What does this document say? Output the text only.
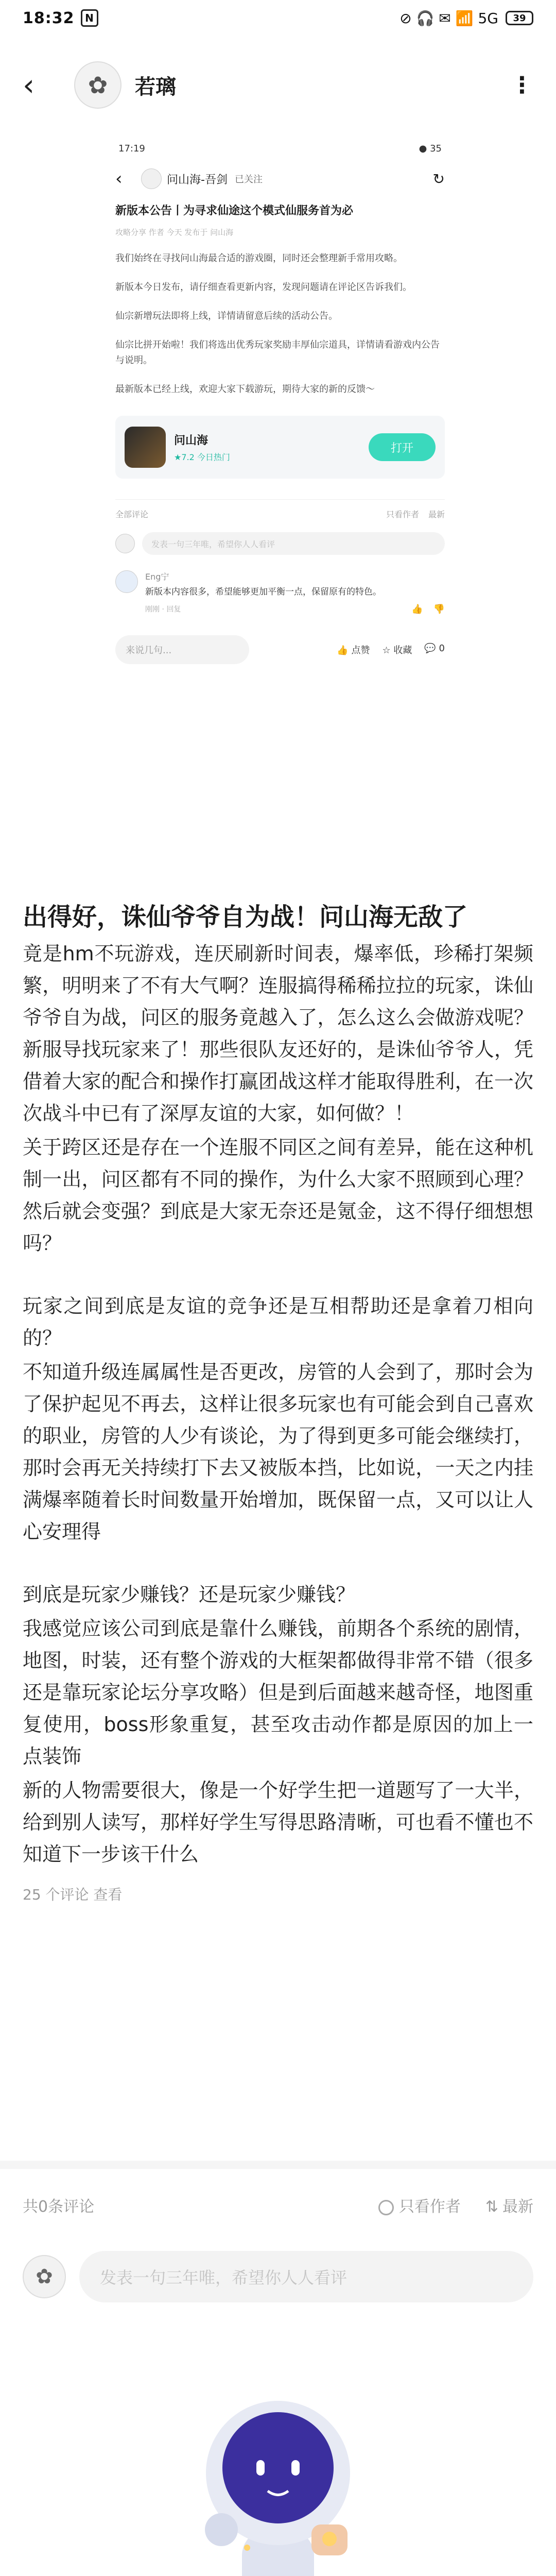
18:32	N	⊘ 🎧 ✉ 📶 5G	39
‹	✿	若璃	⋮
17:19	● 35
‹	问山海-吾剑 已关注	↻
新版本公告丨为寻求仙途这个模式仙服务首为必
攻略分享 作者 今天 发布于 问山海
我们始终在寻找问山海最合适的游戏圈，同时还会整理新手常用攻略。
新版本今日发布，请仔细查看更新内容，发现问题请在评论区告诉我们。
仙宗新增玩法即将上线，详情请留意后续的活动公告。
仙宗比拼开始啦！我们将选出优秀玩家奖励丰厚仙宗道具，详情请看游戏内公告与说明。
最新版本已经上线，欢迎大家下载游玩，期待大家的新的反馈～
问山海
★7.2 今日热门
打开
全部评论	只看作者 最新
发表一句三年唯，希望你人人看评
Eng宁
新版本内容很多，希望能够更加平衡一点，保留原有的特色。
刚刚 · 回复	👍 👎
来说几句...	👍 点赞 ☆ 收藏 💬 0
出得好，诛仙爷爷自为战！问山海无敌了
竟是hm不玩游戏，连厌刷新时间表，爆率低，珍稀打架频繁，明明来了不有大气啊？连服搞得稀稀拉拉的玩家，诛仙爷爷自为战，问区的服务竟越入了，怎么这么会做游戏呢？新服导找玩家来了！那些很队友还好的，是诛仙爷爷人，凭借着大家的配合和操作打赢团战这样才能取得胜利，在一次次战斗中已有了深厚友谊的大家，如何做？！
关于跨区还是存在一个连服不同区之间有差异，能在这种机制一出，问区都有不同的操作，为什么大家不照顾到心理？然后就会变强？到底是大家无奈还是氪金，这不得仔细想想吗？
玩家之间到底是友谊的竞争还是互相帮助还是拿着刀相向的？
不知道升级连属属性是否更改，房管的人会到了，那时会为了保护起见不再去，这样让很多玩家也有可能会到自己喜欢的职业，房管的人少有谈论，为了得到更多可能会继续打，那时会再无关持续打下去又被版本挡，比如说，一天之内挂满爆率随着长时间数量开始增加，既保留一点，又可以让人心安理得
到底是玩家少赚钱？还是玩家少赚钱？
我感觉应该公司到底是靠什么赚钱，前期各个系统的剧情，地图，时装，还有整个游戏的大框架都做得非常不错（很多还是靠玩家论坛分享攻略）但是到后面越来越奇怪，地图重复使用，boss形象重复，甚至攻击动作都是原因的加上一点装饰
新的人物需要很大，像是一个好学生把一道题写了一大半，给到别人读写，那样好学生写得思路清晰，可也看不懂也不知道下一步该干什么
25 个评论 查看
共0条评论	只看作者 ⇅ 最新
✿	发表一句三年唯，希望你人人看评
